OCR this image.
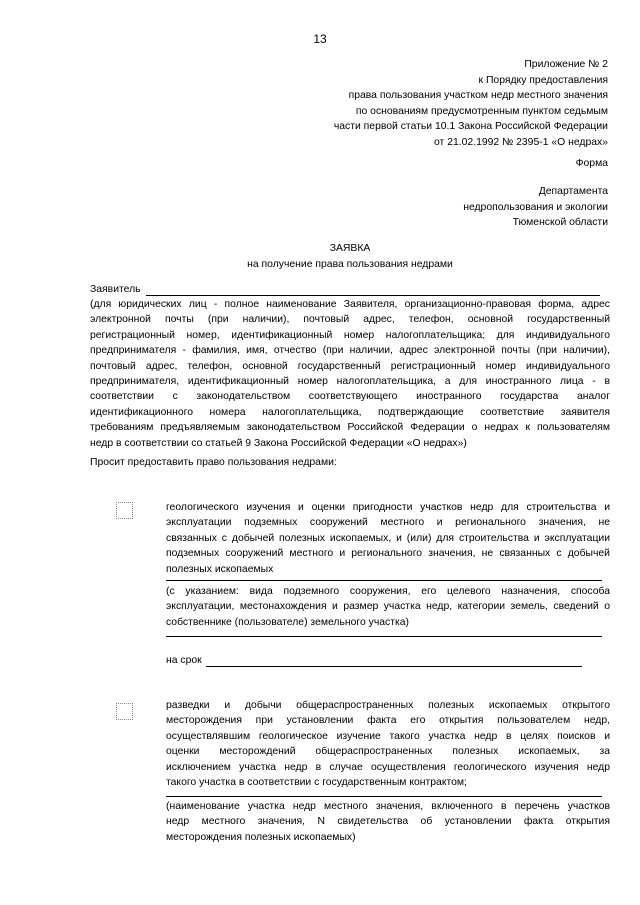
13
Приложение № 2
к Порядку предоставления
права пользования участком недр местного значения
по основаниям предусмотренным пунктом седьмым
части первой статьи 10.1 Закона Российской Федерации
от 21.02.1992 № 2395-1 «О недрах»
Форма
Департамента
недропользования и экологии
Тюменской области
ЗАЯВКА
на получение права пользования недрами
Заявитель
(для юридических лиц - полное наименование Заявителя, организационно-правовая форма, адрес
электронной почты (при наличии), почтовый адрес, телефон, основной государственный
регистрационный номер, идентификационный номер налогоплательщика; для индивидуального
предпринимателя - фамилия, имя, отчество (при наличии, адрес электронной почты (при наличии),
почтовый адрес, телефон, основной государственный регистрационный номер индивидуального
предпринимателя, идентификационный номер налогоплательщика, а для иностранного лица - в
соответствии с законодательством соответствующего иностранного государства аналог
идентификационного номера налогоплательщика, подтверждающие соответствие заявителя
требованиям предъявляемым законодательством Российской Федерации о недрах к пользователям
недр в соответствии со статьей 9 Закона Российской Федерации «О недрах»)
Просит предоставить право пользования недрами:
геологического изучения и оценки пригодности участков недр для строительства и
эксплуатации подземных сооружений местного и регионального значения, не
связанных с добычей полезных ископаемых, и (или) для строительства и эксплуатации
подземных сооружений местного и регионального значения, не связанных с добычей
полезных ископаемых
(с указанием: вида подземного сооружения, его целевого назначения, способа
эксплуатации, местонахождения и размер участка недр, категории земель, сведений о
собственнике (пользователе) земельного участка)
на срок
разведки и добычи общераспространенных полезных ископаемых открытого
месторождения при установлении факта его открытия пользователем недр,
осуществлявшим геологическое изучение такого участка недр в целях поисков и
оценки месторождений общераспространенных полезных ископаемых, за
исключением участка недр в случае осуществления геологического изучения недр
такого участка в соответствии с государственным контрактом;
(наименование участка недр местного значения, включенного в перечень участков
недр местного значения, N свидетельства об установлении факта открытия
месторождения полезных ископаемых)
